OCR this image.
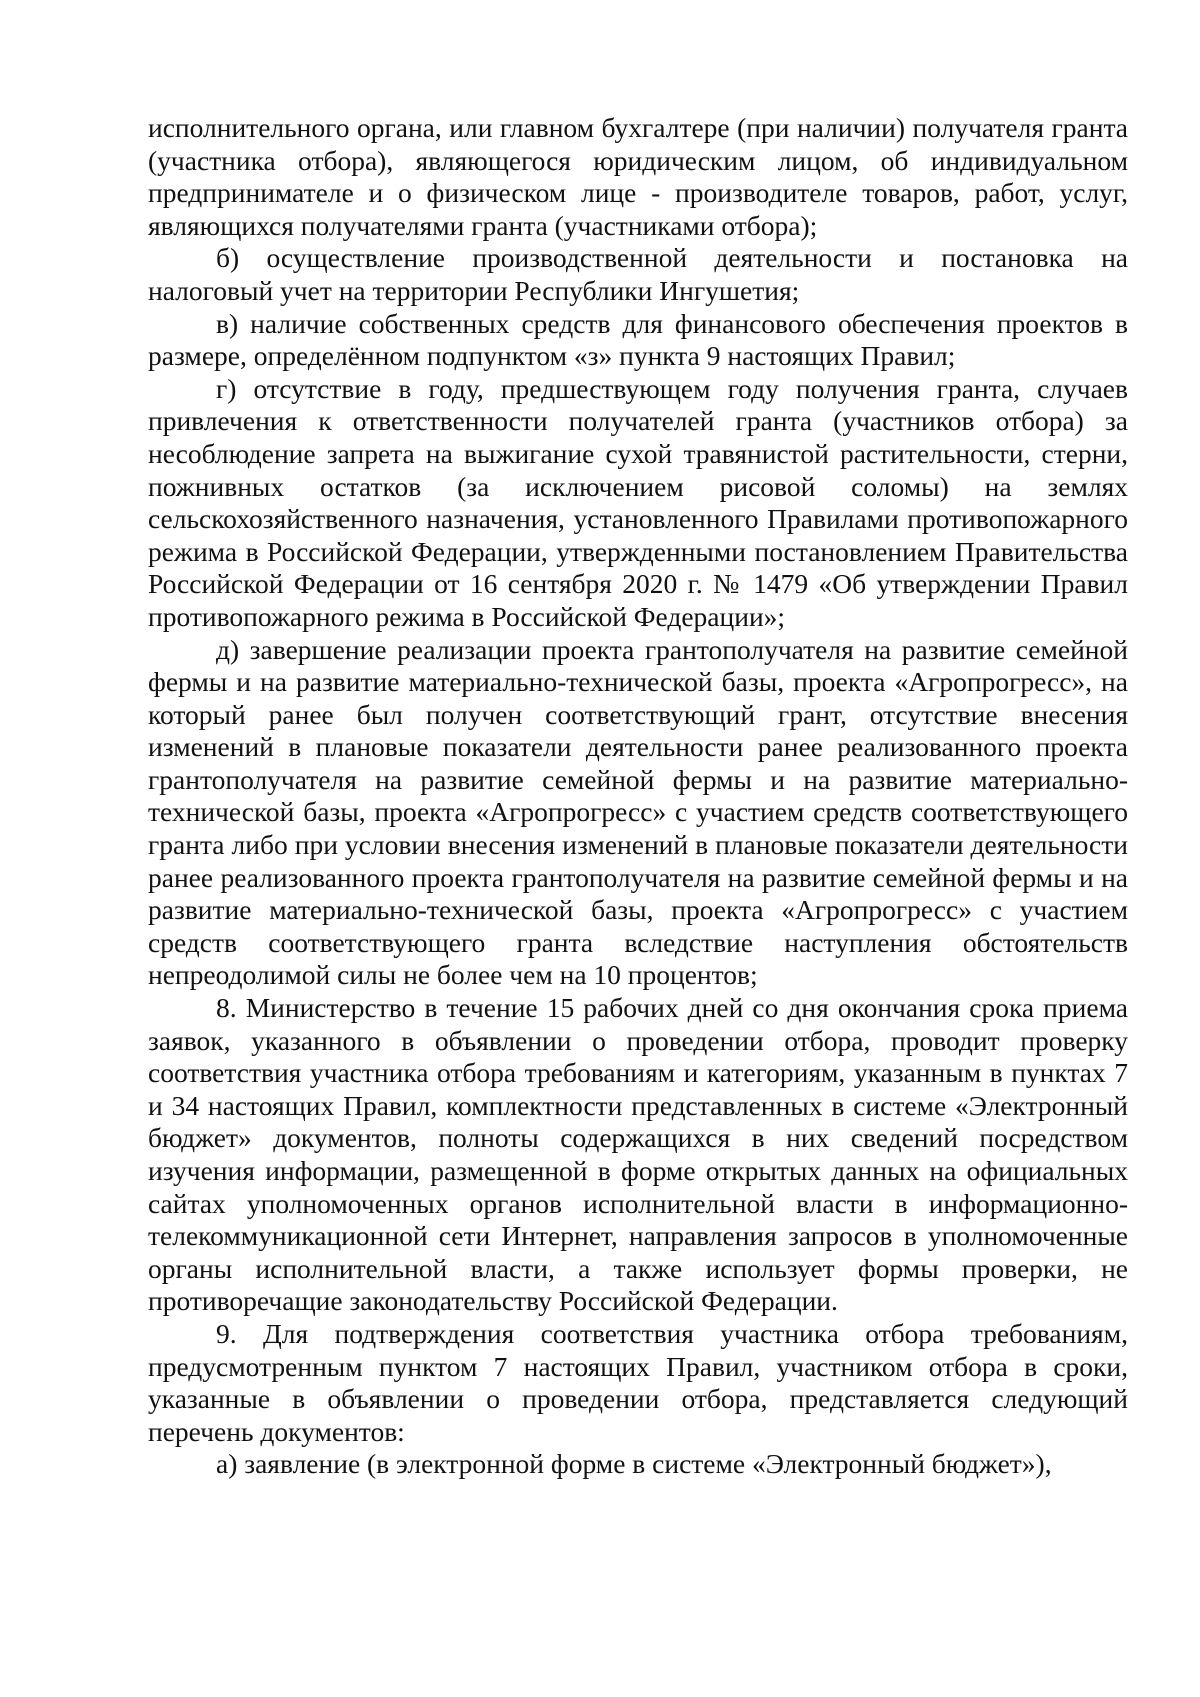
исполнительного органа, или главном бухгалтере (при наличии) получателя гранта (участника отбора), являющегося юридическим лицом, об индивидуальном предпринимателе и о физическом лице - производителе товаров, работ, услуг, являющихся получателями гранта (участниками отбора);

б) осуществление производственной деятельности и постановка на налоговый учет на территории Республики Ингушетия;

в) наличие собственных средств для финансового обеспечения проектов в размере, определённом подпунктом «з» пункта 9 настоящих Правил;

г) отсутствие в году, предшествующем году получения гранта, случаев привлечения к ответственности получателей гранта (участников отбора) за несоблюдение запрета на выжигание сухой травянистой растительности, стерни, пожнивных остатков (за исключением рисовой соломы) на землях сельскохозяйственного назначения, установленного Правилами противопожарного режима в Российской Федерации, утвержденными постановлением Правительства Российской Федерации от 16 сентября 2020 г. № 1479 «Об утверждении Правил противопожарного режима в Российской Федерации»;

д) завершение реализации проекта грантополучателя на развитие семейной фермы и на развитие материально-технической базы, проекта «Агропрогресс», на который ранее был получен соответствующий грант, отсутствие внесения изменений в плановые показатели деятельности ранее реализованного проекта грантополучателя на развитие семейной фермы и на развитие материально-технической базы, проекта «Агропрогресс» с участием средств соответствующего гранта либо при условии внесения изменений в плановые показатели деятельности ранее реализованного проекта грантополучателя на развитие семейной фермы и на развитие материально-технической базы, проекта «Агропрогресс» с участием средств соответствующего гранта вследствие наступления обстоятельств непреодолимой силы не более чем на 10 процентов;

8. Министерство в течение 15 рабочих дней со дня окончания срока приема заявок, указанного в объявлении о проведении отбора, проводит проверку соответствия участника отбора требованиям и категориям, указанным в пунктах 7 и 34 настоящих Правил, комплектности представленных в системе «Электронный бюджет» документов, полноты содержащихся в них сведений посредством изучения информации, размещенной в форме открытых данных на официальных сайтах уполномоченных органов исполнительной власти в информационно-телекоммуникационной сети Интернет, направления запросов в уполномоченные органы исполнительной власти, а также использует формы проверки, не противоречащие законодательству Российской Федерации.

9. Для подтверждения соответствия участника отбора требованиям, предусмотренным пунктом 7 настоящих Правил, участником отбора в сроки, указанные в объявлении о проведении отбора, представляется следующий перечень документов:

а) заявление (в электронной форме в системе «Электронный бюджет»),
